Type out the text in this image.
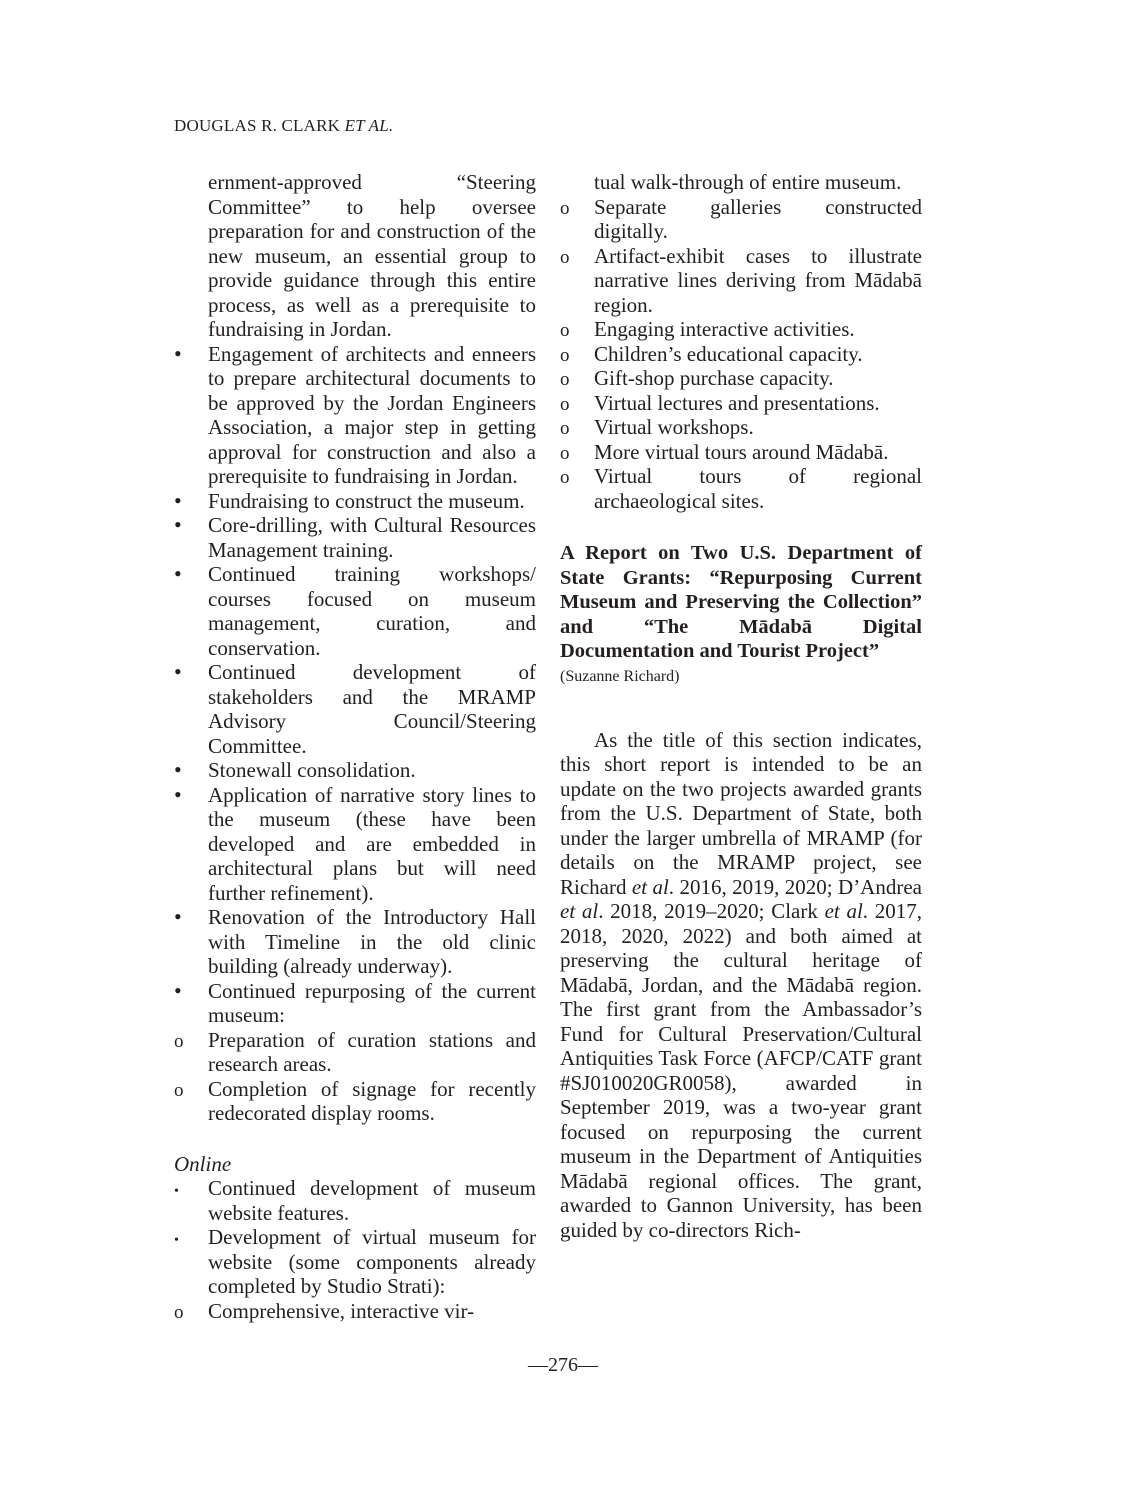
DOUGLAS R. CLARK ET AL.

ernment-approved “Steering Committee” to help oversee preparation for and construction of the new museum, an essential group to provide guidance through this entire process, as well as a prerequisite to fundraising in Jordan.

•
Engagement of architects and enneers to prepare architectural documents to be approved by the Jordan Engineers Association, a major step in getting approval for construction and also a prerequisite to fundraising in Jordan.
•
Fundraising to construct the museum.
•
Core-drilling, with Cultural Resources Management training.
•
Continued training workshops/ courses focused on museum management, curation, and conservation.
•
Continued development of stakeholders and the MRAMP Advisory Council/Steering Committee.
•
Stonewall consolidation.
•
Application of narrative story lines to the museum (these have been developed and are embedded in architectural plans but will need further refinement).
•
Renovation of the Introductory Hall with Timeline in the old clinic building (already underway).
•
Continued repurposing of the current museum:
o
Preparation of curation stations and research areas.
o
Completion of signage for recently redecorated display rooms.
Online
•
Continued development of museum website features.
•
Development of virtual museum for website (some components already completed by Studio Strati):
o
Comprehensive, interactive vir-
tual walk-through of entire museum.
o
Separate galleries constructed digitally.
o
Artifact-exhibit cases to illustrate narrative lines deriving from Mādabā region.
o
Engaging interactive activities.
o
Children’s educational capacity.
o
Gift-shop purchase capacity.
o
Virtual lectures and presentations.
o
Virtual workshops.
o
More virtual tours around Mādabā.
o
Virtual tours of regional archaeological sites.
A Report on Two U.S. Department of State Grants: “Repurposing Current Museum and Preserving the Collection” and “The Mādabā Digital Documentation and Tourist Project”
(Suzanne Richard)

As the title of this section indicates, this short report is intended to be an update on the two projects awarded grants from the U.S. Department of State, both under the larger umbrella of MRAMP (for details on the MRAMP project, see Richard et al. 2016, 2019, 2020; D’Andrea et al. 2018, 2019–2020; Clark et al. 2017, 2018, 2020, 2022) and both aimed at preserving the cultural heritage of Mādabā, Jordan, and the Mādabā region. The first grant from the Ambassador’s Fund for Cultural Preservation/Cultural Antiquities Task Force (AFCP/CATF grant #SJ010020GR0058), awarded in September 2019, was a two-year grant focused on repurposing the current museum in the Department of Antiquities Mādabā regional offices. The grant, awarded to Gannon University, has been guided by co-directors Rich-

—276—
